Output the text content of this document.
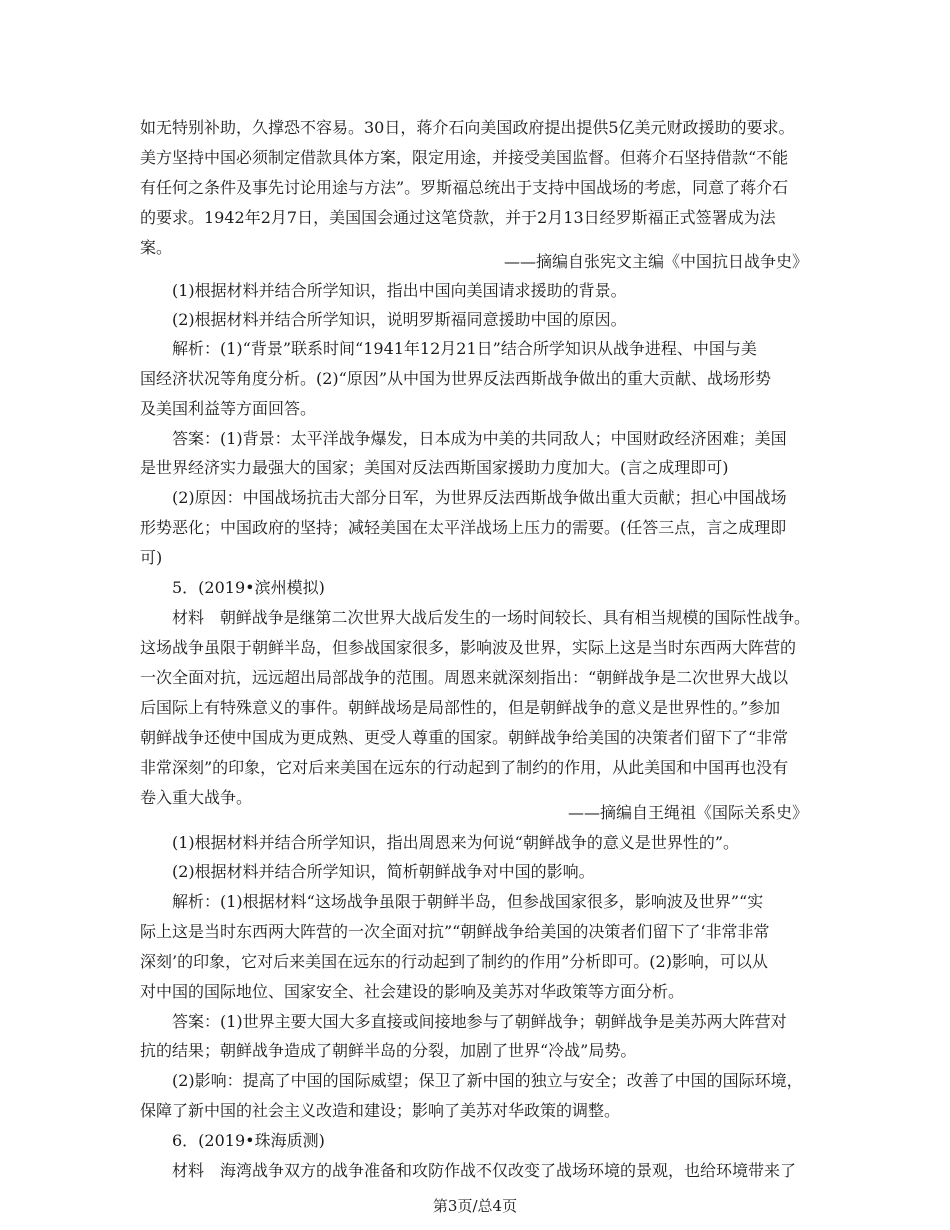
如无特别补助，久撑恐不容易。30日，蒋介石向美国政府提出提供5亿美元财政援助的要求。
美方坚持中国必须制定借款具体方案，限定用途，并接受美国监督。但蒋介石坚持借款“不能
有任何之条件及事先讨论用途与方法”。罗斯福总统出于支持中国战场的考虑，同意了蒋介石
的要求。1942年2月7日，美国国会通过这笔贷款，并于2月13日经罗斯福正式签署成为法
案。
——摘编自张宪文主编《中国抗日战争史》
(1)根据材料并结合所学知识，指出中国向美国请求援助的背景。
(2)根据材料并结合所学知识，说明罗斯福同意援助中国的原因。
解析：(1)“背景”联系时间“1941年12月21日”结合所学知识从战争进程、中国与美
国经济状况等角度分析。(2)“原因”从中国为世界反法西斯战争做出的重大贡献、战场形势
及美国利益等方面回答。
答案：(1)背景：太平洋战争爆发，日本成为中美的共同敌人；中国财政经济困难；美国
是世界经济实力最强大的国家；美国对反法西斯国家援助力度加大。(言之成理即可)
(2)原因：中国战场抗击大部分日军，为世界反法西斯战争做出重大贡献；担心中国战场
形势恶化；中国政府的坚持；减轻美国在太平洋战场上压力的需要。(任答三点，言之成理即
可)
5．(2019•滨州模拟)
材料　朝鲜战争是继第二次世界大战后发生的一场时间较长、具有相当规模的国际性战争。
这场战争虽限于朝鲜半岛，但参战国家很多，影响波及世界，实际上这是当时东西两大阵营的
一次全面对抗，远远超出局部战争的范围。周恩来就深刻指出：“朝鲜战争是二次世界大战以
后国际上有特殊意义的事件。朝鲜战场是局部性的，但是朝鲜战争的意义是世界性的。”参加
朝鲜战争还使中国成为更成熟、更受人尊重的国家。朝鲜战争给美国的决策者们留下了“非常
非常深刻”的印象，它对后来美国在远东的行动起到了制约的作用，从此美国和中国再也没有
卷入重大战争。
——摘编自王绳祖《国际关系史》
(1)根据材料并结合所学知识，指出周恩来为何说“朝鲜战争的意义是世界性的”。
(2)根据材料并结合所学知识，简析朝鲜战争对中国的影响。
解析：(1)根据材料“这场战争虽限于朝鲜半岛，但参战国家很多，影响波及世界”“实
际上这是当时东西两大阵营的一次全面对抗”“朝鲜战争给美国的决策者们留下了‘非常非常
深刻’的印象，它对后来美国在远东的行动起到了制约的作用”分析即可。(2)影响，可以从
对中国的国际地位、国家安全、社会建设的影响及美苏对华政策等方面分析。
答案：(1)世界主要大国大多直接或间接地参与了朝鲜战争；朝鲜战争是美苏两大阵营对
抗的结果；朝鲜战争造成了朝鲜半岛的分裂，加剧了世界“冷战”局势。
(2)影响：提高了中国的国际威望；保卫了新中国的独立与安全；改善了中国的国际环境，
保障了新中国的社会主义改造和建设；影响了美苏对华政策的调整。
6．(2019•珠海质测)
材料　海湾战争双方的战争准备和攻防作战不仅改变了战场环境的景观，也给环境带来了
第3页/总4页
